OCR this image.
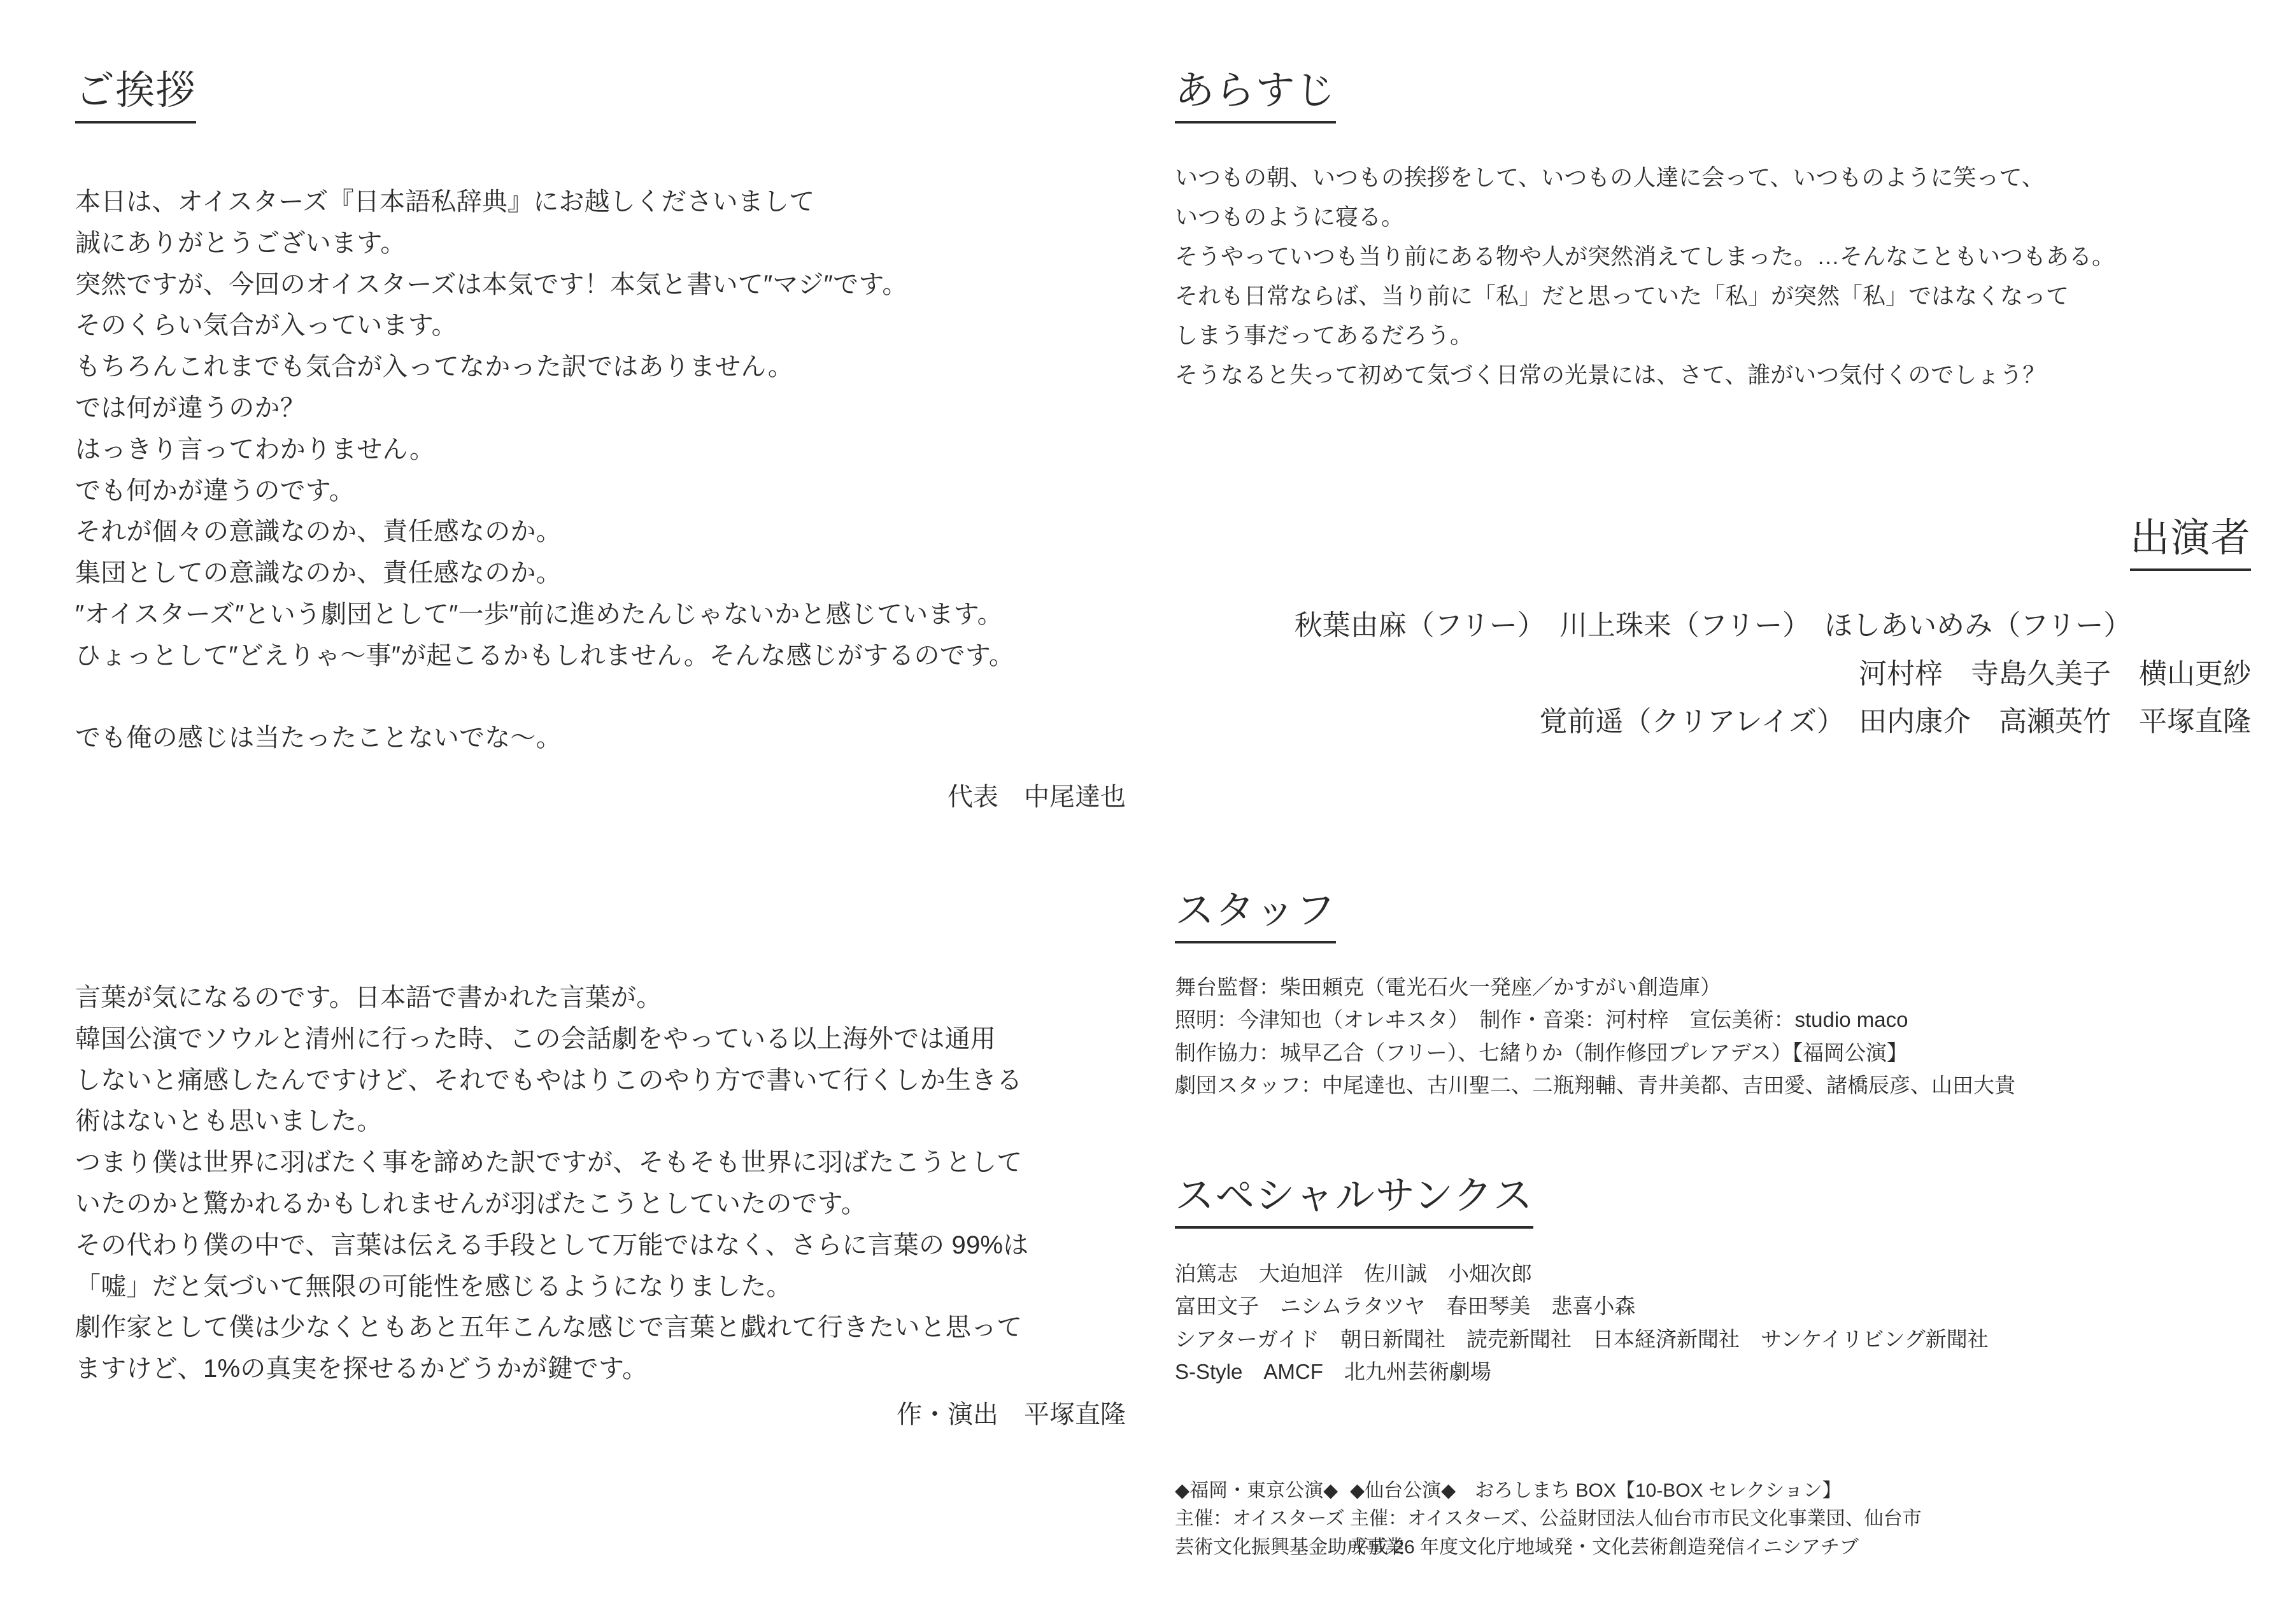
ご挨拶
本日は、オイスターズ『日本語私辞典』にお越しくださいまして
誠にありがとうございます。
突然ですが、今回のオイスターズは本気です！本気と書いて″マジ″です。
そのくらい気合が入っています。
もちろんこれまでも気合が入ってなかった訳ではありません。
では何が違うのか？
はっきり言ってわかりません。
でも何かが違うのです。
それが個々の意識なのか、責任感なのか。
集団としての意識なのか、責任感なのか。
″オイスターズ″という劇団として″一歩″前に進めたんじゃないかと感じています。
ひょっとして″どえりゃ～事″が起こるかもしれません。そんな感じがするのです。
でも俺の感じは当たったことないでな～。
代表　中尾達也
言葉が気になるのです。日本語で書かれた言葉が。
韓国公演でソウルと清州に行った時、この会話劇をやっている以上海外では通用
しないと痛感したんですけど、それでもやはりこのやり方で書いて行くしか生きる
術はないとも思いました。
つまり僕は世界に羽ばたく事を諦めた訳ですが、そもそも世界に羽ばたこうとして
いたのかと驚かれるかもしれませんが羽ばたこうとしていたのです。
その代わり僕の中で、言葉は伝える手段として万能ではなく、さらに言葉の 99%は
「嘘」だと気づいて無限の可能性を感じるようになりました。
劇作家として僕は少なくともあと五年こんな感じで言葉と戯れて行きたいと思って
ますけど、1%の真実を探せるかどうかが鍵です。
作・演出　平塚直隆
あらすじ
いつもの朝、いつもの挨拶をして、いつもの人達に会って、いつものように笑って、
いつものように寝る。
そうやっていつも当り前にある物や人が突然消えてしまった。…そんなこともいつもある。
それも日常ならば、当り前に「私」だと思っていた「私」が突然「私」ではなくなって
しまう事だってあるだろう。
そうなると失って初めて気づく日常の光景には、さて、誰がいつ気付くのでしょう？
出演者
秋葉由麻（フリー）　川上珠来（フリー）　ほしあいめみ（フリー）
河村梓　寺島久美子　横山更紗
覚前遥（クリアレイズ）　田内康介　高瀬英竹　平塚直隆
スタッフ
舞台監督：柴田頼克（電光石火一発座／かすがい創造庫）
照明：今津知也（オレヰスタ）　制作・音楽：河村梓　宣伝美術：studio maco
制作協力：城早乙合（フリー）、七緒りか（制作修団プレアデス）【福岡公演】
劇団スタッフ：中尾達也、古川聖二、二瓶翔輔、青井美都、吉田愛、諸橋辰彦、山田大貴
スペシャルサンクス
泊篤志　大迫旭洋　佐川誠　小畑次郎
富田文子　ニシムラタツヤ　春田琴美　悲喜小森
シアターガイド　朝日新聞社　読売新聞社　日本経済新聞社　サンケイリビング新聞社
S-Style　AMCF　北九州芸術劇場
◆福岡・東京公演◆
主催：オイスターズ
芸術文化振興基金助成事業
◆仙台公演◆　おろしまち BOX【10-BOX セレクション】
主催：オイスターズ、公益財団法人仙台市市民文化事業団、仙台市
平成 26 年度文化庁地域発・文化芸術創造発信イニシアチブ
